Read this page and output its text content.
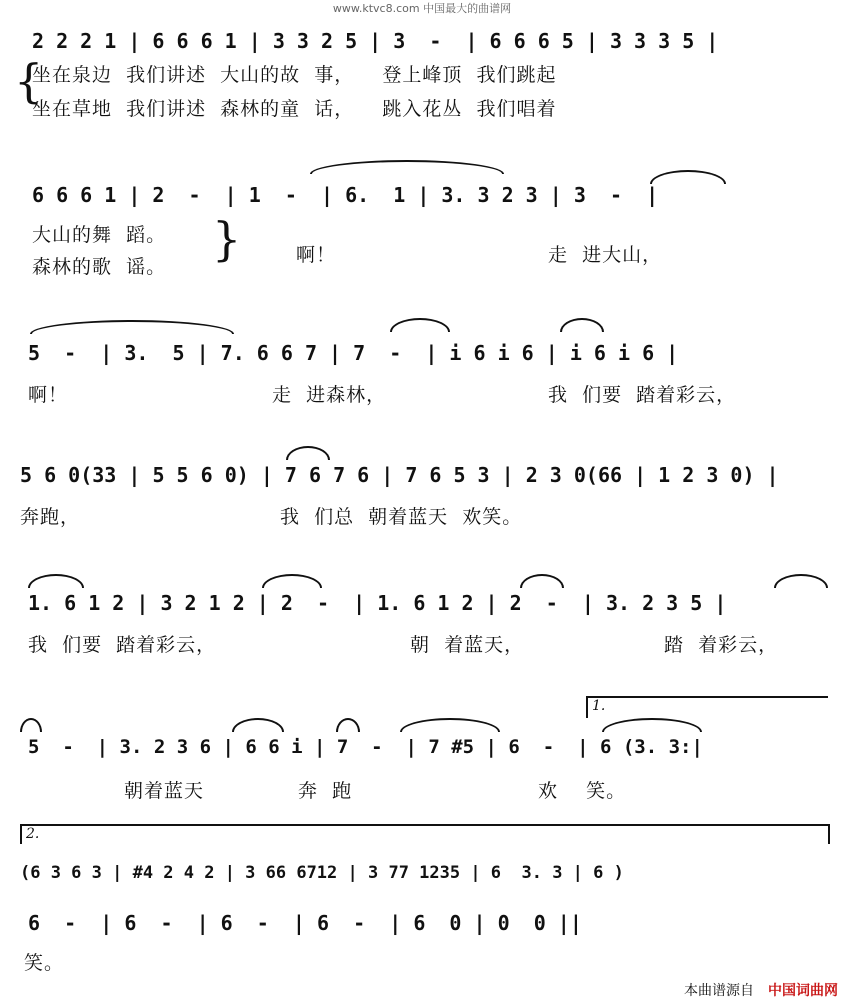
www.ktvc8.com 中国最大的曲谱网
2 2 2 1 | 6 6 6 1 | 3 3 2 5 | 3  -  | 6 6 6 5 | 3 3 3 5 |
{
坐在泉边  我们讲述  大山的故  事，    登上峰顶  我们跳起
坐在草地  我们讲述  森林的童  话，    跳入花丛  我们唱着
6 6 6 1 | 2  -  | 1  -  | 6.  1 | 3. 3 2 3 | 3  -  |
大山的舞  蹈。
森林的歌  谣。
}	啊！	走  进大山，
5  -  | 3.  5 | 7. 6 6 7 | 7  -  | i 6 i 6 | i 6 i 6 |
啊！	走  进森林，	我  们要  踏着彩云，
5 6 0(33 | 5 5 6 0) | 7 6 7 6 | 7 6 5 3 | 2 3 0(66 | 1 2 3 0) |
奔跑，	我  们总  朝着蓝天  欢笑。
1. 6 1 2 | 3 2 1 2 | 2  -  | 1. 6 1 2 | 2  -  | 3. 2 3 5 |
我  们要  踏着彩云，	朝  着蓝天，	踏  着彩云，
1.
5  -  | 3. 2 3 6 | 6 6 i | 7  -  | 7 #5 | 6  -  | 6 (3. 3:|
朝着蓝天	奔  跑	欢    笑。
2.
(6 3 6 3 | #4 2 4 2 | 3 66 6712 | 3 77 1235 | 6  3. 3 | 6 )
6  -  | 6  -  | 6  -  | 6  -  | 6  0 | 0  0 ||
笑。
本曲谱源自 中国词曲网
